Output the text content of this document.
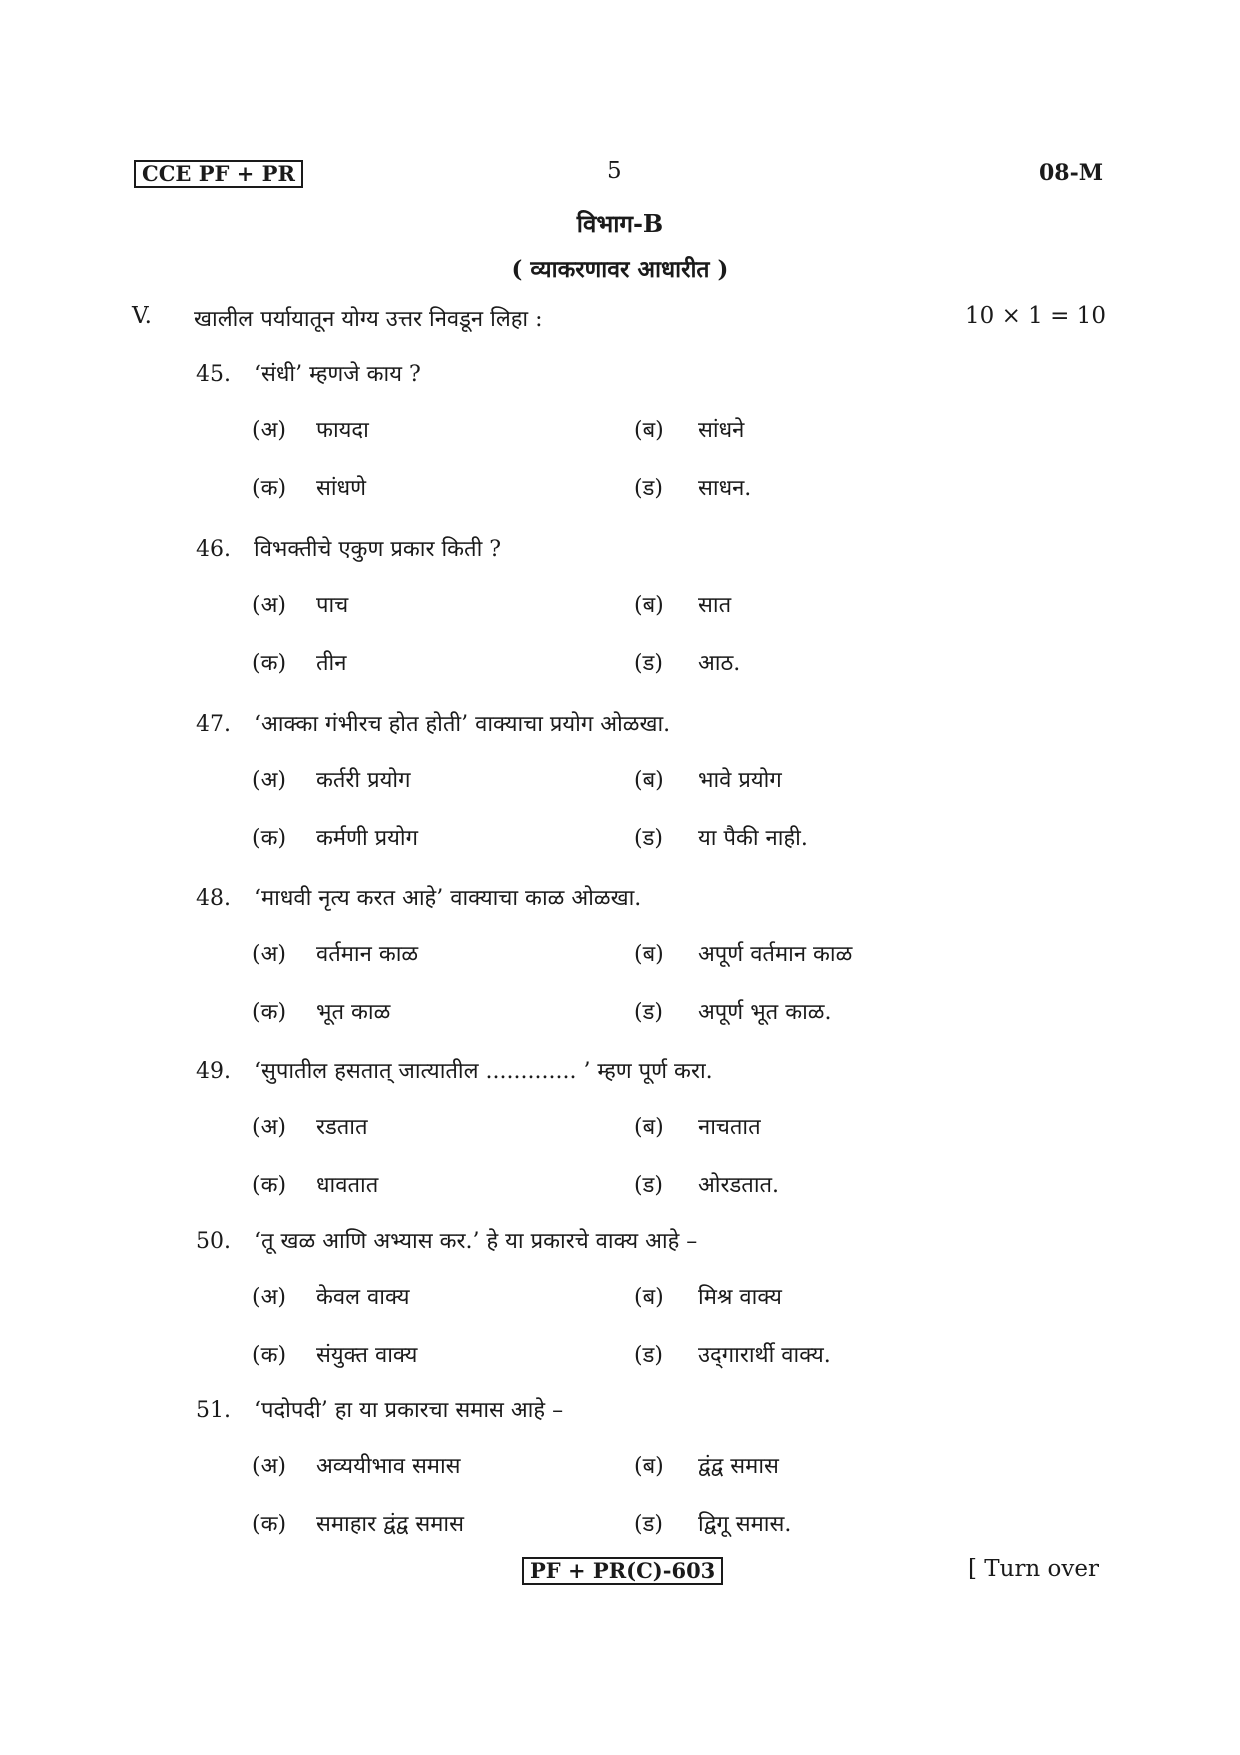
CCE PF + PR	5	08-M
विभाग-B
( व्याकरणावर आधारीत )
V. खालील पर्यायातून योग्य उत्तर निवडून लिहा :	10 × 1 = 10
45. ‘संधी’ म्हणजे काय ?
(अ) फायदा	(ब) सांधने
(क) सांधणे	(ड) साधन.
46. विभक्तीचे एकुण प्रकार किती ?
(अ) पाच	(ब) सात
(क) तीन	(ड) आठ.
47. ‘आक्का गंभीरच होत होती’ वाक्याचा प्रयोग ओळखा.
(अ) कर्तरी प्रयोग	(ब) भावे प्रयोग
(क) कर्मणी प्रयोग	(ड) या पैकी नाही.
48. ‘माधवी नृत्य करत आहे’ वाक्याचा काळ ओळखा.
(अ) वर्तमान काळ	(ब) अपूर्ण वर्तमान काळ
(क) भूत काळ	(ड) अपूर्ण भूत काळ.
49. ‘सुपातील हसतात् जात्यातील ............. ’ म्हण पूर्ण करा.
(अ) रडतात	(ब) नाचतात
(क) धावतात	(ड) ओरडतात.
50. ‘तू खळ आणि अभ्यास कर.’ हे या प्रकारचे वाक्य आहे –
(अ) केवल वाक्य	(ब) मिश्र वाक्य
(क) संयुक्त वाक्य	(ड) उद्‌गारार्थी वाक्य.
51. ‘पदोपदी’ हा या प्रकारचा समास आहे –
(अ) अव्ययीभाव समास	(ब) द्वंद्व समास
(क) समाहार द्वंद्व समास	(ड) द्विगू समास.
PF + PR(C)-603	[ Turn over
